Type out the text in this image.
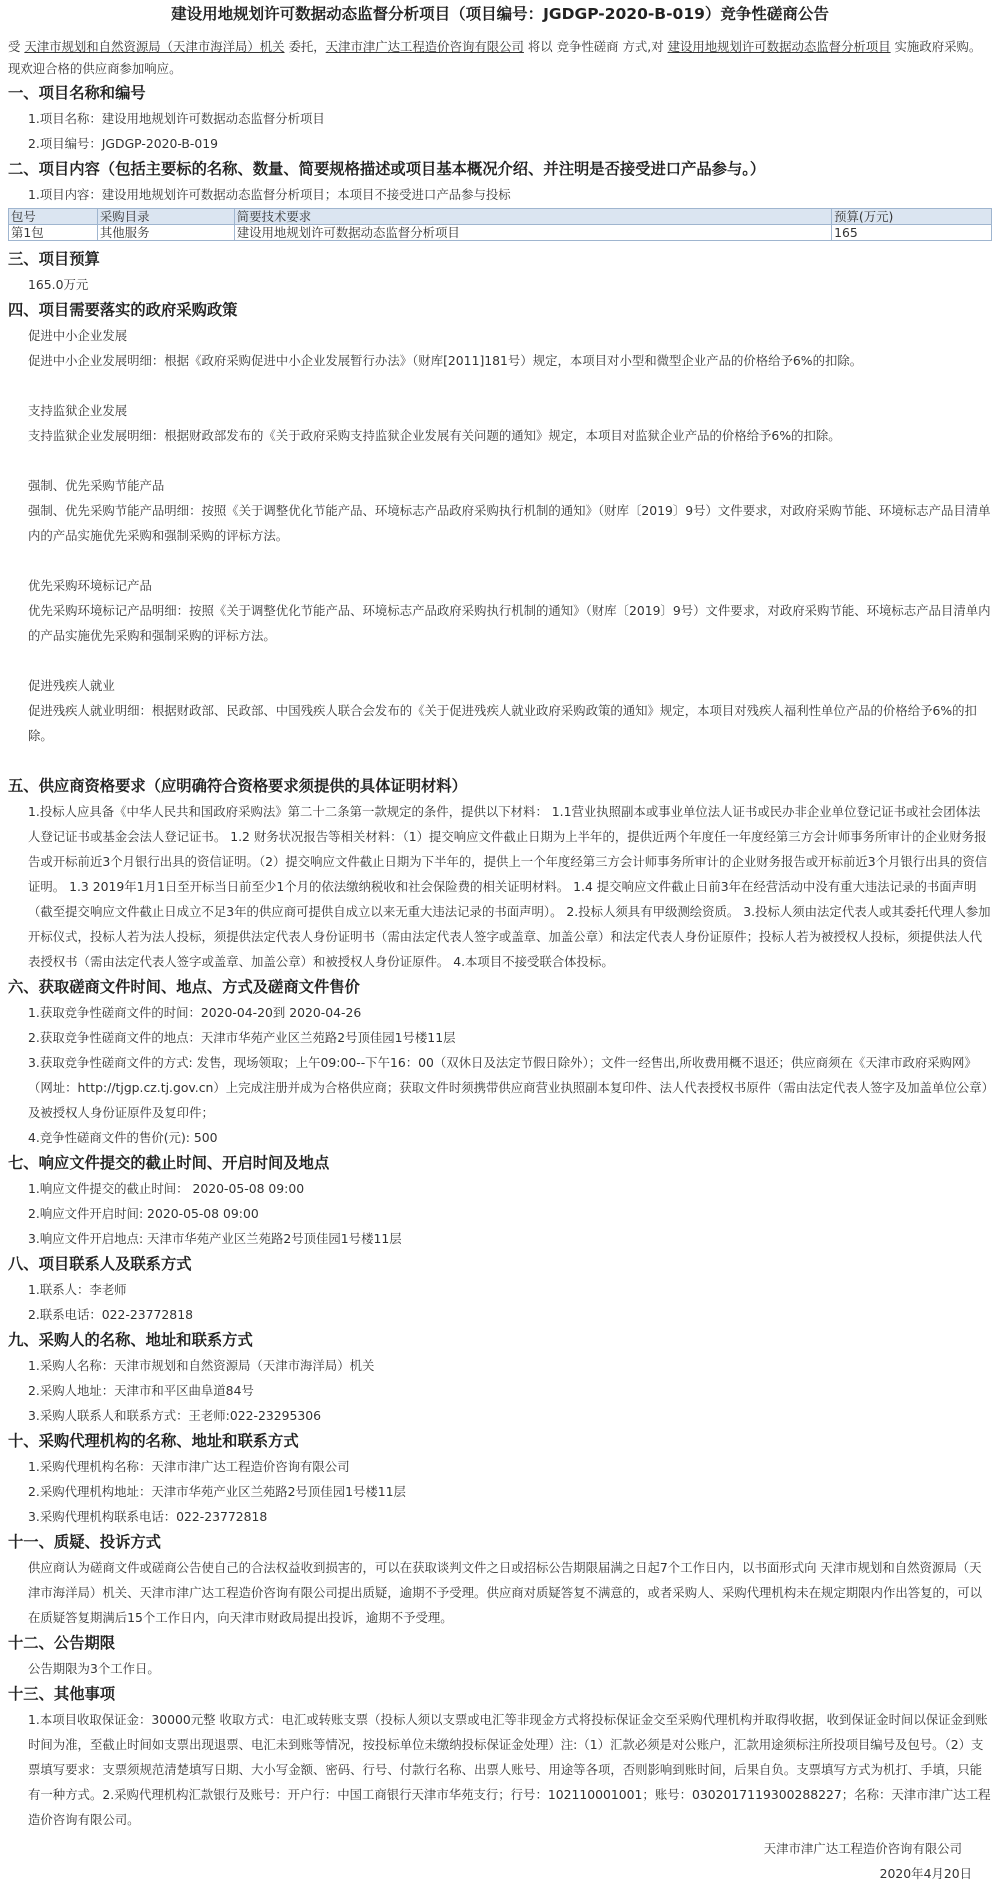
建设用地规划许可数据动态监督分析项目（项目编号：JGDGP-2020-B-019）竞争性磋商公告

受 天津市规划和自然资源局（天津市海洋局）机关 委托，天津市津广达工程造价咨询有限公司 将以 竞争性磋商 方式,对 建设用地规划许可数据动态监督分析项目 实施政府采购。现欢迎合格的供应商参加响应。

一、项目名称和编号
1.项目名称：建设用地规划许可数据动态监督分析项目
2.项目编号：JGDGP-2020-B-019
二、项目内容（包括主要标的名称、数量、简要规格描述或项目基本概况介绍、并注明是否接受进口产品参与。）
1.项目内容：建设用地规划许可数据动态监督分析项目；本项目不接受进口产品参与投标
包号	采购目录	简要技术要求	预算(万元)
第1包	其他服务	建设用地规划许可数据动态监督分析项目	165
三、项目预算
165.0万元
四、项目需要落实的政府采购政策
促进中小企业发展
促进中小企业发展明细：根据《政府采购促进中小企业发展暂行办法》（财库[2011]181号）规定，本项目对小型和微型企业产品的价格给予6%的扣除。
支持监狱企业发展
支持监狱企业发展明细：根据财政部发布的《关于政府采购支持监狱企业发展有关问题的通知》规定，本项目对监狱企业产品的价格给予6%的扣除。
强制、优先采购节能产品
强制、优先采购节能产品明细：按照《关于调整优化节能产品、环境标志产品政府采购执行机制的通知》（财库〔2019〕9号）文件要求，对政府采购节能、环境标志产品目清单内的产品实施优先采购和强制采购的评标方法。
优先采购环境标记产品
优先采购环境标记产品明细：按照《关于调整优化节能产品、环境标志产品政府采购执行机制的通知》（财库〔2019〕9号）文件要求，对政府采购节能、环境标志产品目清单内的产品实施优先采购和强制采购的评标方法。
促进残疾人就业
促进残疾人就业明细：根据财政部、民政部、中国残疾人联合会发布的《关于促进残疾人就业政府采购政策的通知》规定，本项目对残疾人福利性单位产品的价格给予6%的扣除。
五、供应商资格要求（应明确符合资格要求须提供的具体证明材料）
1.投标人应具备《中华人民共和国政府采购法》第二十二条第一款规定的条件，提供以下材料： 1.1营业执照副本或事业单位法人证书或民办非企业单位登记证书或社会团体法人登记证书或基金会法人登记证书。 1.2 财务状况报告等相关材料：（1）提交响应文件截止日期为上半年的，提供近两个年度任一年度经第三方会计师事务所审计的企业财务报告或开标前近3个月银行出具的资信证明。（2）提交响应文件截止日期为下半年的，提供上一个年度经第三方会计师事务所审计的企业财务报告或开标前近3个月银行出具的资信证明。 1.3 2019年1月1日至开标当日前至少1个月的依法缴纳税收和社会保险费的相关证明材料。 1.4 提交响应文件截止日前3年在经营活动中没有重大违法记录的书面声明（截至提交响应文件截止日成立不足3年的供应商可提供自成立以来无重大违法记录的书面声明）。 2.投标人须具有甲级测绘资质。 3.投标人须由法定代表人或其委托代理人参加开标仪式，投标人若为法人投标，须提供法定代表人身份证明书（需由法定代表人签字或盖章、加盖公章）和法定代表人身份证原件；投标人若为被授权人投标，须提供法人代表授权书（需由法定代表人签字或盖章、加盖公章）和被授权人身份证原件。 4.本项目不接受联合体投标。
六、获取磋商文件时间、地点、方式及磋商文件售价
1.获取竞争性磋商文件的时间：2020-04-20到 2020-04-26
2.获取竞争性磋商文件的地点：天津市华苑产业区兰苑路2号顶佳园1号楼11层
3.获取竞争性磋商文件的方式: 发售，现场领取；上午09:00--下午16：00（双休日及法定节假日除外）；文件一经售出,所收费用概不退还；供应商须在《天津市政府采购网》（网址：http://tjgp.cz.tj.gov.cn）上完成注册并成为合格供应商；获取文件时须携带供应商营业执照副本复印件、法人代表授权书原件（需由法定代表人签字及加盖单位公章）及被授权人身份证原件及复印件；
4.竞争性磋商文件的售价(元): 500
七、响应文件提交的截止时间、开启时间及地点
1.响应文件提交的截止时间： 2020-05-08 09:00
2.响应文件开启时间: 2020-05-08 09:00
3.响应文件开启地点: 天津市华苑产业区兰苑路2号顶佳园1号楼11层
八、项目联系人及联系方式
1.联系人：李老师
2.联系电话：022-23772818
九、采购人的名称、地址和联系方式
1.采购人名称：天津市规划和自然资源局（天津市海洋局）机关
2.采购人地址：天津市和平区曲阜道84号
3.采购人联系人和联系方式：王老师:022-23295306
十、采购代理机构的名称、地址和联系方式
1.采购代理机构名称：天津市津广达工程造价咨询有限公司
2.采购代理机构地址：天津市华苑产业区兰苑路2号顶佳园1号楼11层
3.采购代理机构联系电话：022-23772818
十一、质疑、投诉方式
供应商认为磋商文件或磋商公告使自己的合法权益收到损害的，可以在获取谈判文件之日或招标公告期限届满之日起7个工作日内，以书面形式向 天津市规划和自然资源局（天津市海洋局）机关、天津市津广达工程造价咨询有限公司提出质疑，逾期不予受理。供应商对质疑答复不满意的，或者采购人、采购代理机构未在规定期限内作出答复的，可以在质疑答复期满后15个工作日内，向天津市财政局提出投诉，逾期不予受理。
十二、公告期限
公告期限为3个工作日。
十三、其他事项
1.本项目收取保证金：30000元整 收取方式：电汇或转账支票（投标人须以支票或电汇等非现金方式将投标保证金交至采购代理机构并取得收据，收到保证金时间以保证金到账时间为准，至截止时间如支票出现退票、电汇未到账等情况，按投标单位未缴纳投标保证金处理）注:（1）汇款必须是对公账户，汇款用途须标注所投项目编号及包号。（2）支票填写要求：支票须规范清楚填写日期、大小写金额、密码、行号、付款行名称、出票人账号、用途等各项，否则影响到账时间，后果自负。支票填写方式为机打、手填，只能有一种方式。2.采购代理机构汇款银行及账号：开户行：中国工商银行天津市华苑支行；行号：102110001001；账号：0302017119300288227；名称：天津市津广达工程造价咨询有限公司。
天津市津广达工程造价咨询有限公司
2020年4月20日
